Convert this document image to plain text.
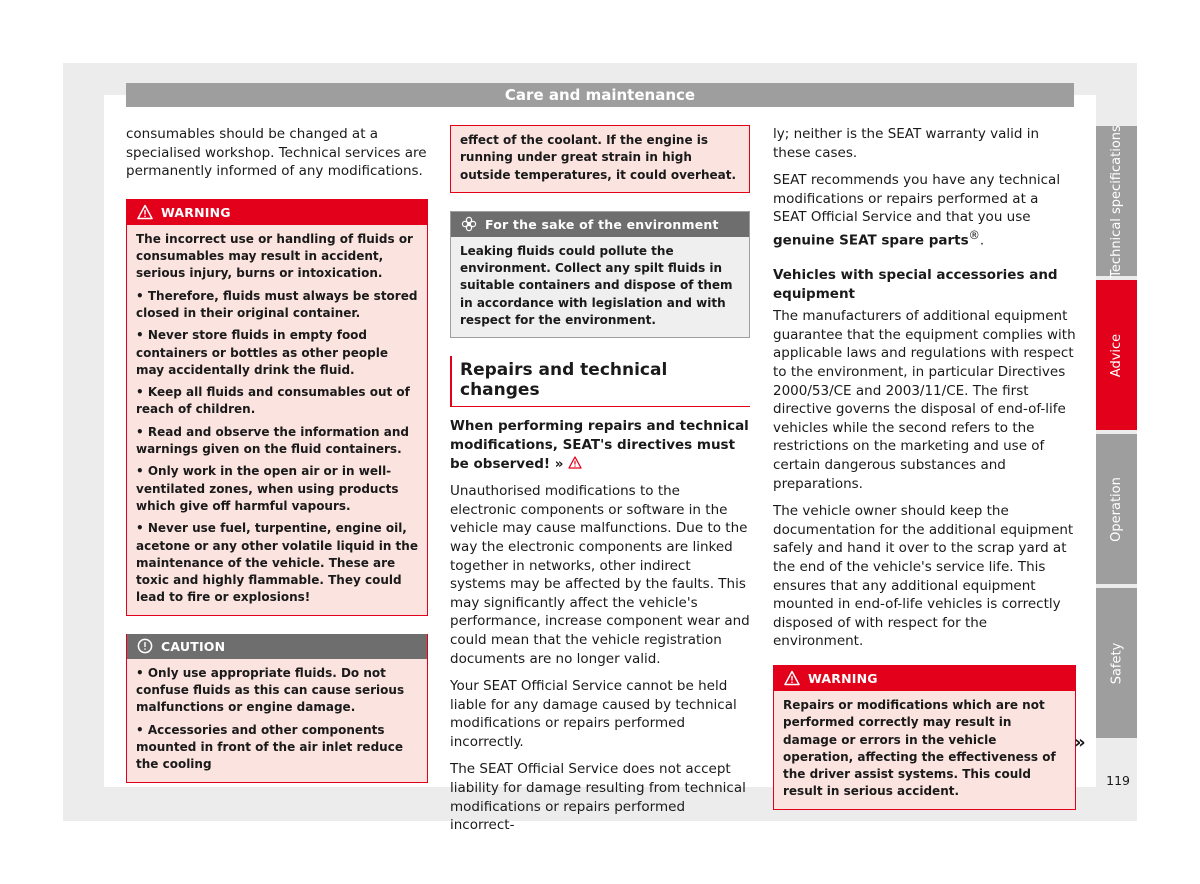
Care and maintenance

consumables should be changed at a specialised workshop. Technical services are permanently informed of any modifications.

WARNING

The incorrect use or handling of fluids or consumables may result in accident, serious injury, burns or intoxication.

• Therefore, fluids must always be stored closed in their original container.

• Never store fluids in empty food containers or bottles as other people may accidentally drink the fluid.

• Keep all fluids and consumables out of reach of children.

• Read and observe the information and warnings given on the fluid containers.

• Only work in the open air or in well-ventilated zones, when using products which give off harmful vapours.

• Never use fuel, turpentine, engine oil, acetone or any other volatile liquid in the maintenance of the vehicle. These are toxic and highly flammable. They could lead to fire or explosions!

CAUTION

• Only use appropriate fluids. Do not confuse fluids as this can cause serious malfunctions or engine damage.

• Accessories and other components mounted in front of the air inlet reduce the cooling

effect of the coolant. If the engine is running under great strain in high outside temperatures, it could overheat.

For the sake of the environment

Leaking fluids could pollute the environment. Collect any spilt fluids in suitable containers and dispose of them in accordance with legislation and with respect for the environment.

Repairs and technical changes

When performing repairs and technical modifications, SEAT's directives must be observed! »

Unauthorised modifications to the electronic components or software in the vehicle may cause malfunctions. Due to the way the electronic components are linked together in networks, other indirect systems may be affected by the faults. This may significantly affect the vehicle's performance, increase component wear and could mean that the vehicle registration documents are no longer valid.

Your SEAT Official Service cannot be held liable for any damage caused by technical modifications or repairs performed incorrectly.

The SEAT Official Service does not accept liability for damage resulting from technical modifications or repairs performed incorrect-

ly; neither is the SEAT warranty valid in these cases.

SEAT recommends you have any technical modifications or repairs performed at a SEAT Official Service and that you use genuine SEAT spare parts®.

Vehicles with special accessories and equipment

The manufacturers of additional equipment guarantee that the equipment complies with applicable laws and regulations with respect to the environment, in particular Directives 2000/53/CE and 2003/11/CE. The first directive governs the disposal of end-of-life vehicles while the second refers to the restrictions on the marketing and use of certain dangerous substances and preparations.

The vehicle owner should keep the documentation for the additional equipment safely and hand it over to the scrap yard at the end of the vehicle's service life. This ensures that any additional equipment mounted in end-of-life vehicles is correctly disposed of with respect for the environment.

WARNING

Repairs or modifications which are not performed correctly may result in damage or errors in the vehicle operation, affecting the effectiveness of the driver assist systems. This could result in serious accident.

»
Technical specifications
Advice
Operation
Safety
119
